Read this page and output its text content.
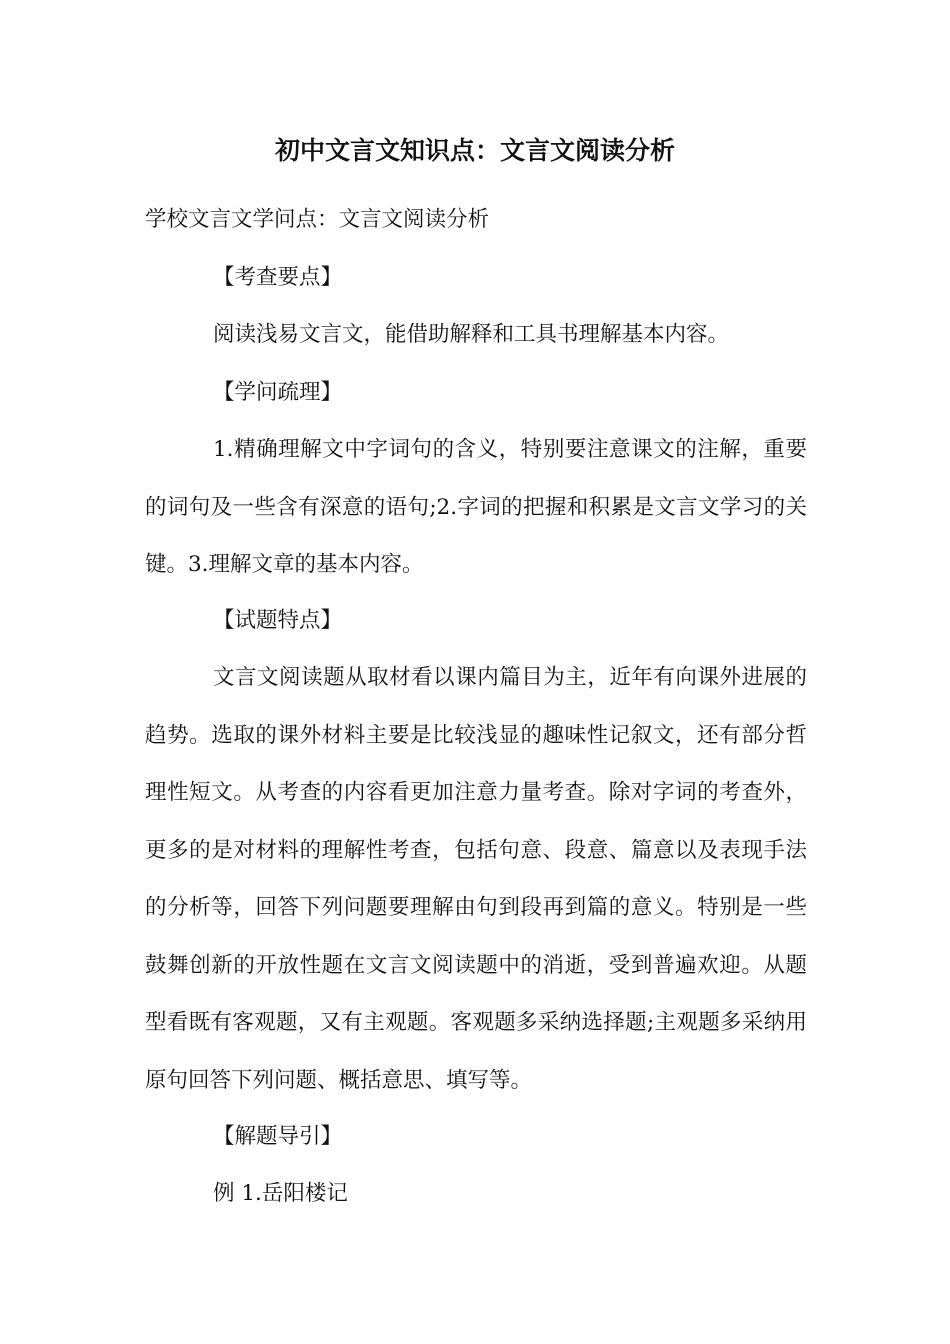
初中文言文知识点：文言文阅读分析

学校文言文学问点：文言文阅读分析

【考查要点】

阅读浅易文言文，能借助解释和工具书理解基本内容。

【学问疏理】

1.精确理解文中字词句的含义，特别要注意课文的注解，重要的词句及一些含有深意的语句;2.字词的把握和积累是文言文学习的关键。3.理解文章的基本内容。

【试题特点】

文言文阅读题从取材看以课内篇目为主，近年有向课外进展的趋势。选取的课外材料主要是比较浅显的趣味性记叙文，还有部分哲理性短文。从考查的内容看更加注意力量考查。除对字词的考查外，更多的是对材料的理解性考查，包括句意、段意、篇意以及表现手法的分析等，回答下列问题要理解由句到段再到篇的意义。特别是一些鼓舞创新的开放性题在文言文阅读题中的消逝，受到普遍欢迎。从题型看既有客观题，又有主观题。客观题多采纳选择题;主观题多采纳用原句回答下列问题、概括意思、填写等。

【解题导引】

例 1.岳阳楼记
